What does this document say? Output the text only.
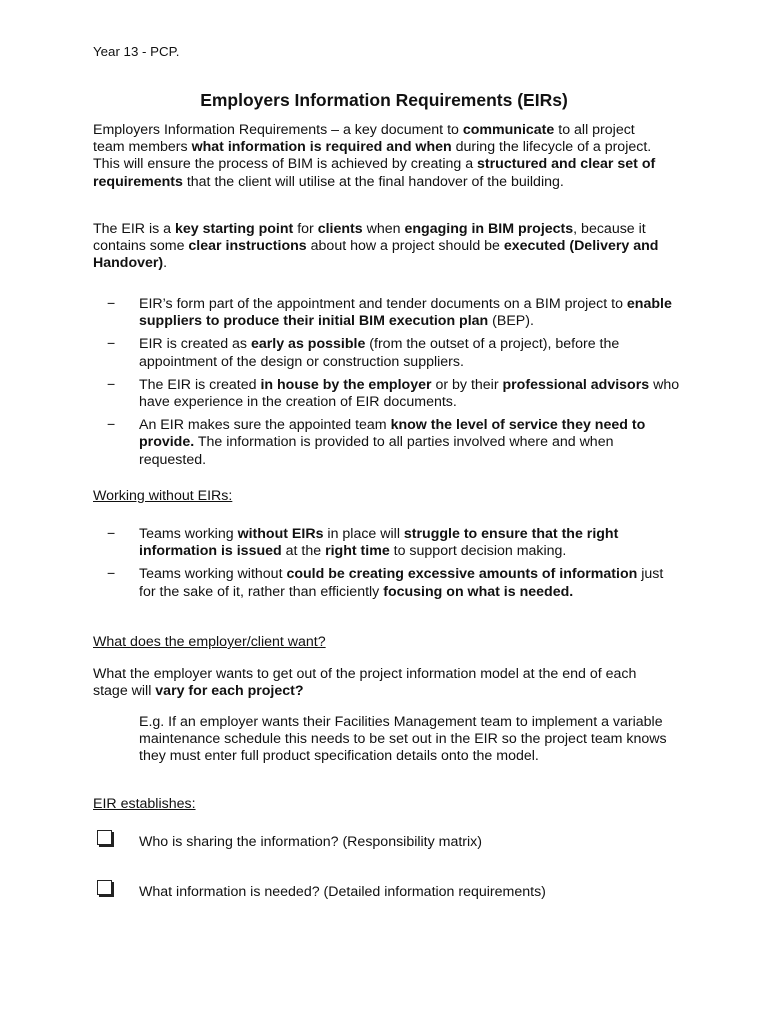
Year 13 - PCP.
Employers Information Requirements (EIRs)

Employers Information Requirements – a key document to communicate to all project team members what information is required and when during the lifecycle of a project. This will ensure the process of BIM is achieved by creating a structured and clear set of requirements that the client will utilise at the final handover of the building.

The EIR is a key starting point for clients when engaging in BIM projects, because it contains some clear instructions about how a project should be executed (Delivery and Handover).

− EIR’s form part of the appointment and tender documents on a BIM project to enable suppliers to produce their initial BIM execution plan (BEP).
− EIR is created as early as possible (from the outset of a project), before the appointment of the design or construction suppliers.
− The EIR is created in house by the employer or by their professional advisors who have experience in the creation of EIR documents.
− An EIR makes sure the appointed team know the level of service they need to provide. The information is provided to all parties involved where and when requested.
Working without EIRs:
− Teams working without EIRs in place will struggle to ensure that the right information is issued at the right time to support decision making.
− Teams working without could be creating excessive amounts of information just for the sake of it, rather than efficiently focusing on what is needed.
What does the employer/client want?

What the employer wants to get out of the project information model at the end of each stage will vary for each project?

E.g. If an employer wants their Facilities Management team to implement a variable maintenance schedule this needs to be set out in the EIR so the project team knows they must enter full product specification details onto the model.

EIR establishes:
Who is sharing the information? (Responsibility matrix)
What information is needed? (Detailed information requirements)
